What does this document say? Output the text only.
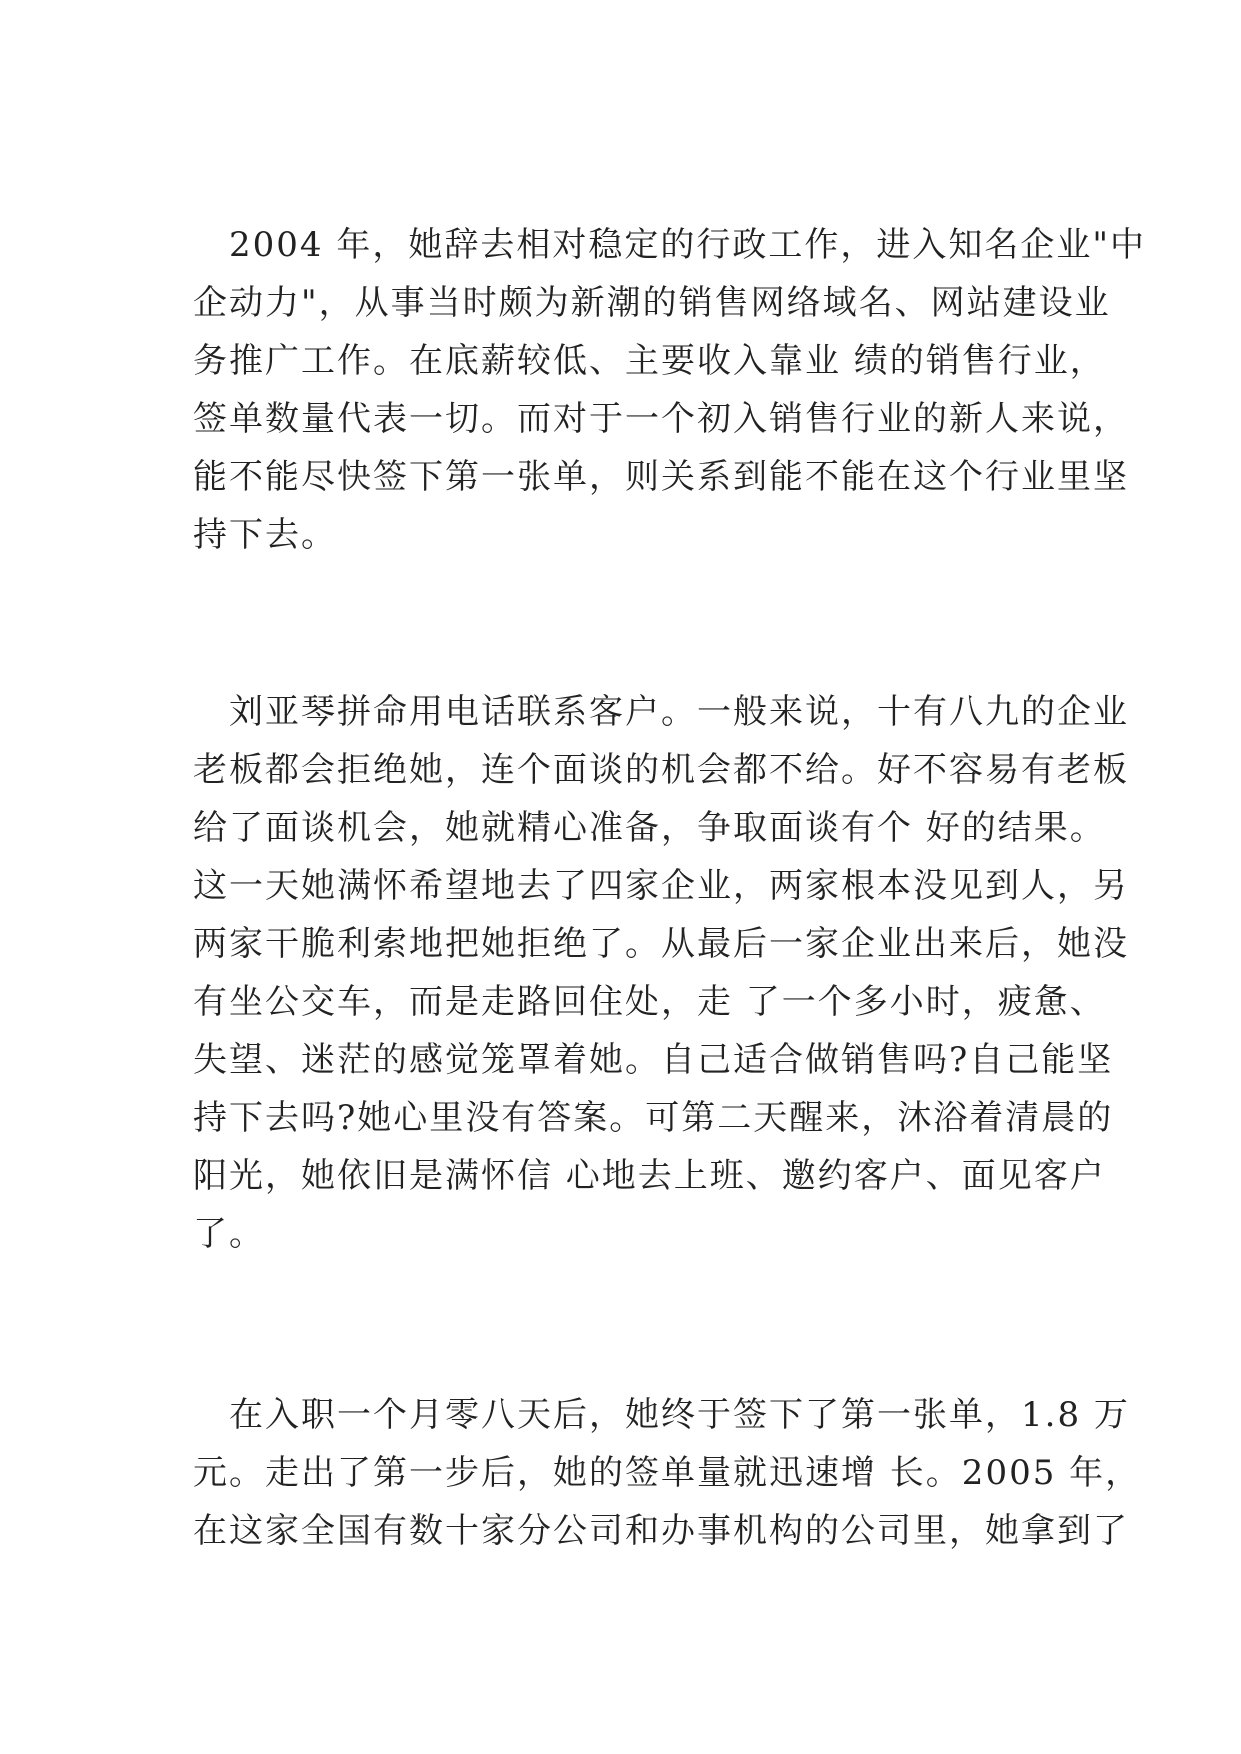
　2004 年，她辞去相对稳定的行政工作，进入知名企业"中
企动力"，从事当时颇为新潮的销售网络域名、网站建设业
务推广工作。在底薪较低、主要收入靠业 绩的销售行业，
签单数量代表一切。而对于一个初入销售行业的新人来说，
能不能尽快签下第一张单，则关系到能不能在这个行业里坚
持下去。
　刘亚琴拼命用电话联系客户。一般来说，十有八九的企业
老板都会拒绝她，连个面谈的机会都不给。好不容易有老板
给了面谈机会，她就精心准备，争取面谈有个 好的结果。
这一天她满怀希望地去了四家企业，两家根本没见到人，另
两家干脆利索地把她拒绝了。从最后一家企业出来后，她没
有坐公交车，而是走路回住处，走 了一个多小时，疲惫、
失望、迷茫的感觉笼罩着她。自己适合做销售吗?自己能坚
持下去吗?她心里没有答案。可第二天醒来，沐浴着清晨的
阳光，她依旧是满怀信 心地去上班、邀约客户、面见客户
了。
　在入职一个月零八天后，她终于签下了第一张单，1.8 万
元。走出了第一步后，她的签单量就迅速增 长。2005 年，
在这家全国有数十家分公司和办事机构的公司里，她拿到了
